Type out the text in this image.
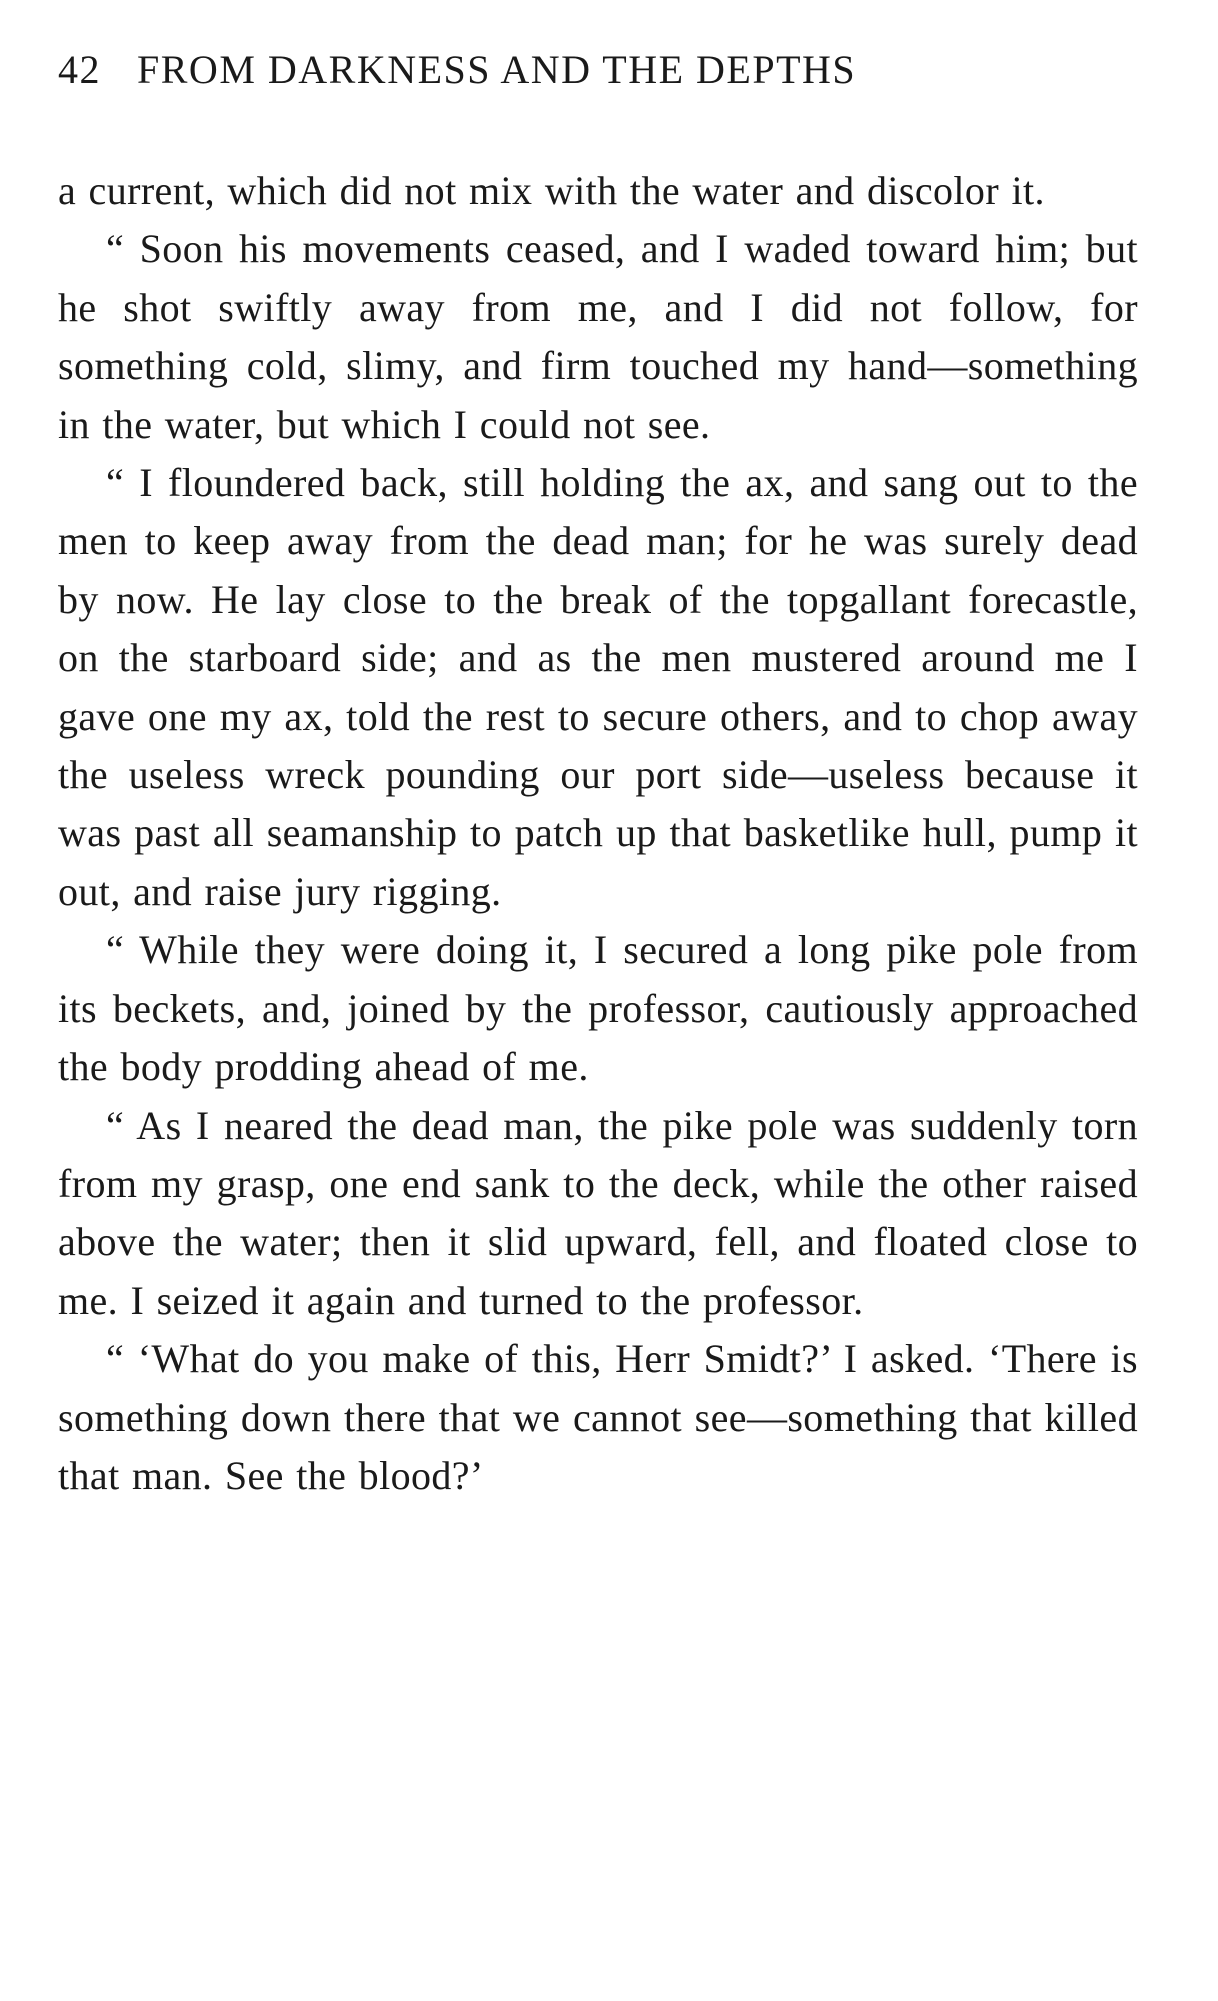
42 FROM DARKNESS AND THE DEPTHS

a current, which did not mix with the water and discolor it.

“ Soon his movements ceased, and I waded toward him; but he shot swiftly away from me, and I did not follow, for something cold, slimy, and firm touched my hand—something in the water, but which I could not see.

“ I floundered back, still holding the ax, and sang out to the men to keep away from the dead man; for he was surely dead by now. He lay close to the break of the topgallant forecastle, on the starboard side; and as the men mustered around me I gave one my ax, told the rest to secure others, and to chop away the useless wreck pounding our port side—useless because it was past all seamanship to patch up that basketlike hull, pump it out, and raise jury rigging.

“ While they were doing it, I secured a long pike pole from its beckets, and, joined by the professor, cautiously approached the body prodding ahead of me.

“ As I neared the dead man, the pike pole was suddenly torn from my grasp, one end sank to the deck, while the other raised above the water; then it slid upward, fell, and floated close to me. I seized it again and turned to the professor.

“ ‘What do you make of this, Herr Smidt?’ I asked. ‘There is something down there that we cannot see—something that killed that man. See the blood?’
